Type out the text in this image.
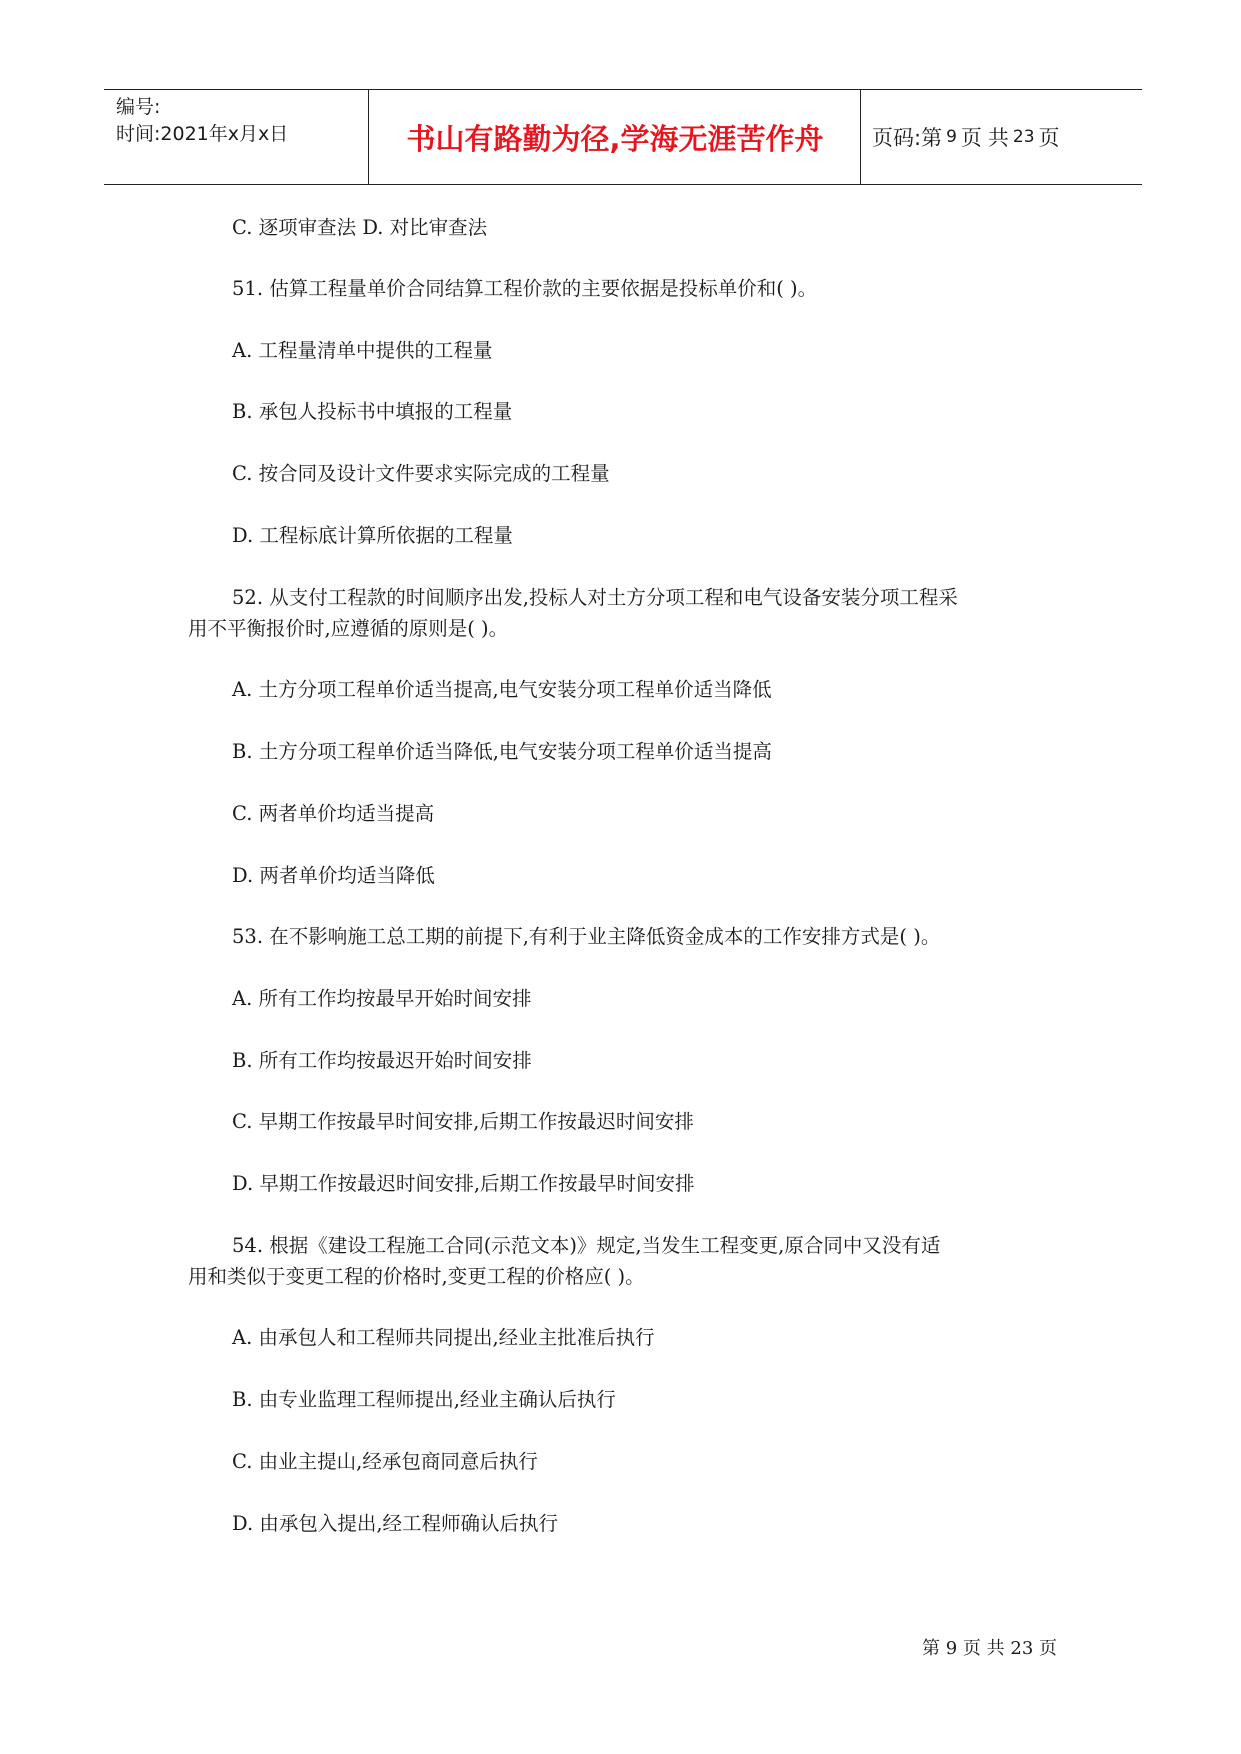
编号:
时间:2021年x月x日	书山有路勤为径,学海无涯苦作舟	页码:第 9 页 共 23 页
C. 逐项审查法 D. 对比审查法
51. 估算工程量单价合同结算工程价款的主要依据是投标单价和( )。
A. 工程量清单中提供的工程量
B. 承包人投标书中填报的工程量
C. 按合同及设计文件要求实际完成的工程量
D. 工程标底计算所依据的工程量
52. 从支付工程款的时间顺序出发,投标人对土方分项工程和电气设备安装分项工程采
用不平衡报价时,应遵循的原则是( )。
A. 土方分项工程单价适当提高,电气安装分项工程单价适当降低
B. 土方分项工程单价适当降低,电气安装分项工程单价适当提高
C. 两者单价均适当提高
D. 两者单价均适当降低
53. 在不影响施工总工期的前提下,有利于业主降低资金成本的工作安排方式是( )。
A. 所有工作均按最早开始时间安排
B. 所有工作均按最迟开始时间安排
C. 早期工作按最早时间安排,后期工作按最迟时间安排
D. 早期工作按最迟时间安排,后期工作按最早时间安排
54. 根据《建设工程施工合同(示范文本)》规定,当发生工程变更,原合同中又没有适
用和类似于变更工程的价格时,变更工程的价格应( )。
A. 由承包人和工程师共同提出,经业主批准后执行
B. 由专业监理工程师提出,经业主确认后执行
C. 由业主提山,经承包商同意后执行
D. 由承包入提出,经工程师确认后执行
第 9 页 共 23 页
